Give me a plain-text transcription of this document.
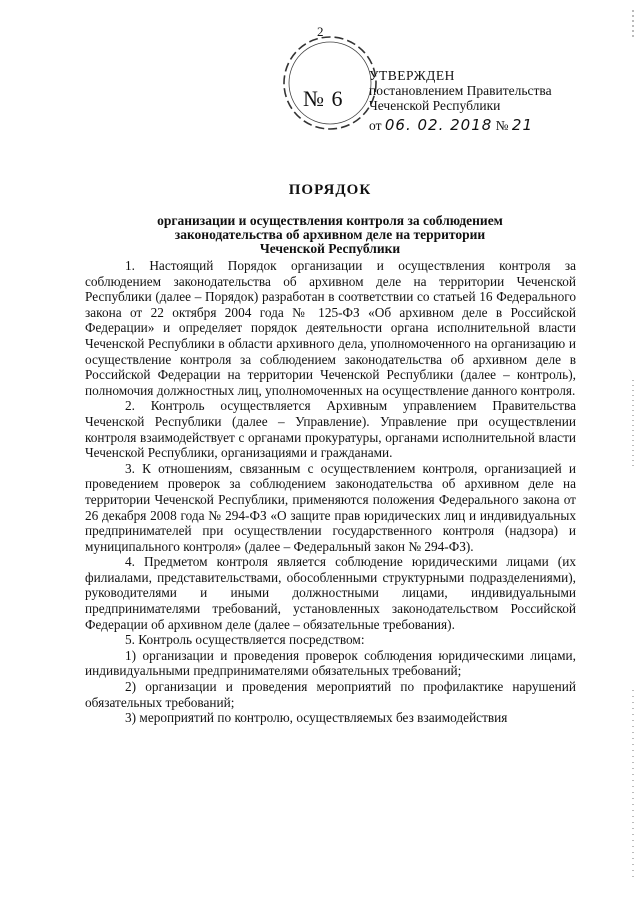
2
№ 6
УТВЕРЖДЕН
постановлением Правительства
Чеченской Республики
от 06. 02. 2018 № 21
ПОРЯДОК
организации и осуществления контроля за соблюдением
законодательства об архивном деле на территории
Чеченской Республики

1. Настоящий Порядок организации и осуществления контроля за соблюдением законодательства об архивном деле на территории Чеченской Республики (далее – Порядок) разработан в соответствии со статьей 16 Федерального закона от 22 октября 2004 года № 125-ФЗ «Об архивном деле в Российской Федерации» и определяет порядок деятельности органа исполнительной власти Чеченской Республики в области архивного дела, уполномоченного на организацию и осуществление контроля за соблюдением законодательства об архивном деле в Российской Федерации на территории Чеченской Республики (далее – контроль), полномочия должностных лиц, уполномоченных на осуществление данного контроля.

2. Контроль осуществляется Архивным управлением Правительства Чеченской Республики (далее – Управление). Управление при осуществлении контроля взаимодействует с органами прокуратуры, органами исполнительной власти Чеченской Республики, организациями и гражданами.

3. К отношениям, связанным с осуществлением контроля, организацией и проведением проверок за соблюдением законодательства об архивном деле на территории Чеченской Республики, применяются положения Федерального закона от 26 декабря 2008 года № 294-ФЗ «О защите прав юридических лиц и индивидуальных предпринимателей при осуществлении государственного контроля (надзора) и муниципального контроля» (далее – Федеральный закон № 294-ФЗ).

4. Предметом контроля является соблюдение юридическими лицами (их филиалами, представительствами, обособленными структурными подразделениями), руководителями и иными должностными лицами, индивидуальными предпринимателями требований, установленных законодательством Российской Федерации об архивном деле (далее – обязательные требования).

5. Контроль осуществляется посредством:

1) организации и проведения проверок соблюдения юридическими лицами, индивидуальными предпринимателями обязательных требований;

2) организации и проведения мероприятий по профилактике нарушений обязательных требований;

3) мероприятий по контролю, осуществляемых без взаимодействия
